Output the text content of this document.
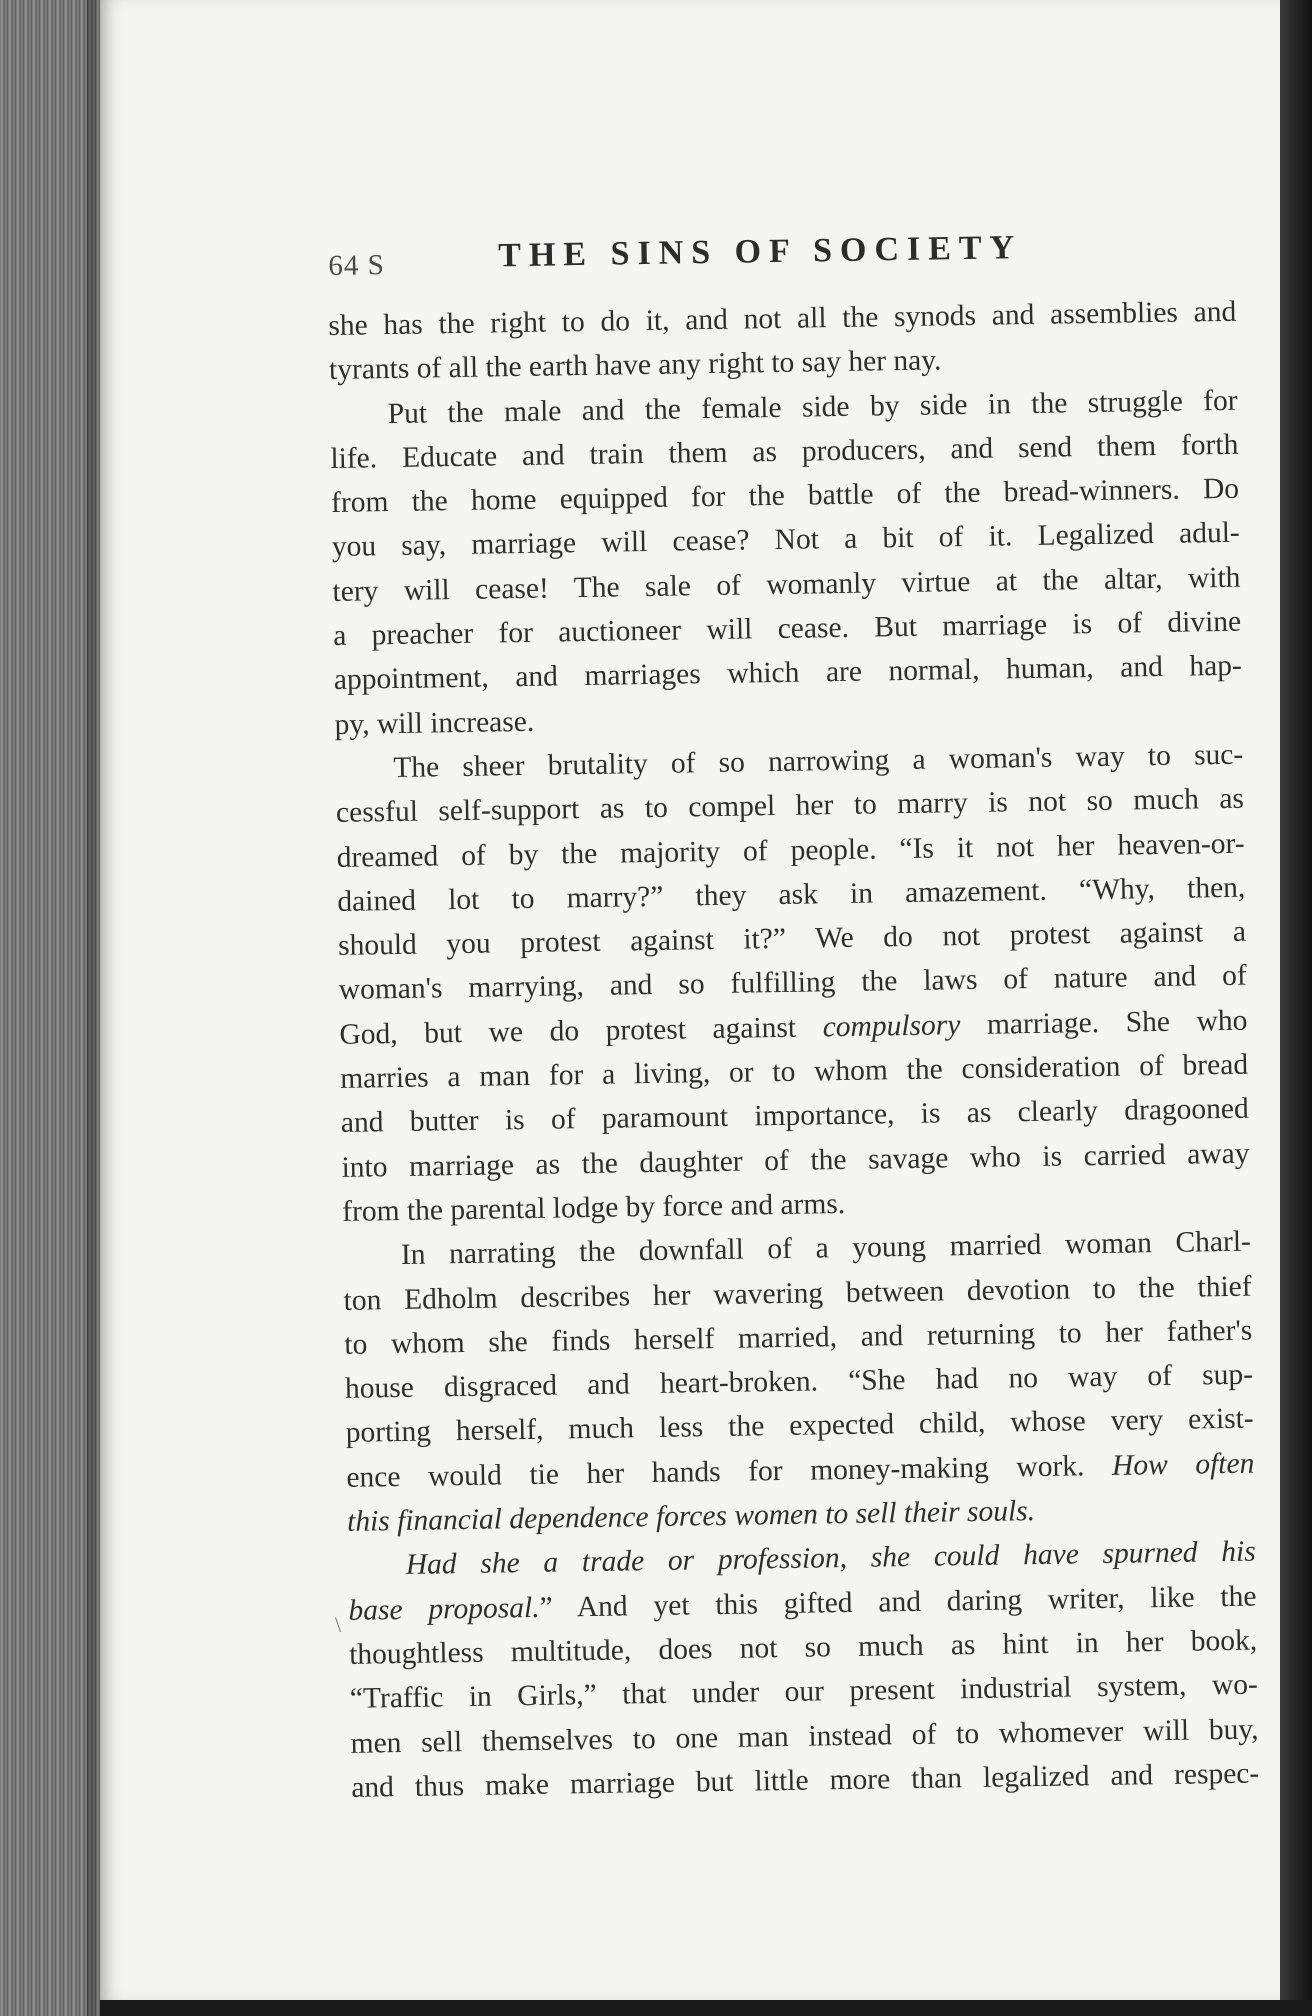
64 S	THE SINS OF SOCIETY
\

she has the right to do it, and not all the synods and assemblies and

tyrants of all the earth have any right to say her nay.

Put the male and the female side by side in the struggle for

life. Educate and train them as producers, and send them forth

from the home equipped for the battle of the bread-winners. Do

you say, marriage will cease? Not a bit of it. Legalized adul-

tery will cease! The sale of womanly virtue at the altar, with

a preacher for auctioneer will cease. But marriage is of divine

appointment, and marriages which are normal, human, and hap-

py, will increase.

The sheer brutality of so narrowing a woman's way to suc-

cessful self-support as to compel her to marry is not so much as

dreamed of by the majority of people. “Is it not her heaven-or-

dained lot to marry?” they ask in amazement. “Why, then,

should you protest against it?” We do not protest against a

woman's marrying, and so fulfilling the laws of nature and of

God, but we do protest against compulsory marriage. She who

marries a man for a living, or to whom the consideration of bread

and butter is of paramount importance, is as clearly dragooned

into marriage as the daughter of the savage who is carried away

from the parental lodge by force and arms.

In narrating the downfall of a young married woman Charl-

ton Edholm describes her wavering between devotion to the thief

to whom she finds herself married, and returning to her father's

house disgraced and heart-broken. “She had no way of sup-

porting herself, much less the expected child, whose very exist-

ence would tie her hands for money-making work. How often

this financial dependence forces women to sell their souls.

Had she a trade or profession, she could have spurned his

base proposal.” And yet this gifted and daring writer, like the

thoughtless multitude, does not so much as hint in her book,

“Traffic in Girls,” that under our present industrial system, wo-

men sell themselves to one man instead of to whomever will buy,

and thus make marriage but little more than legalized and respec-
